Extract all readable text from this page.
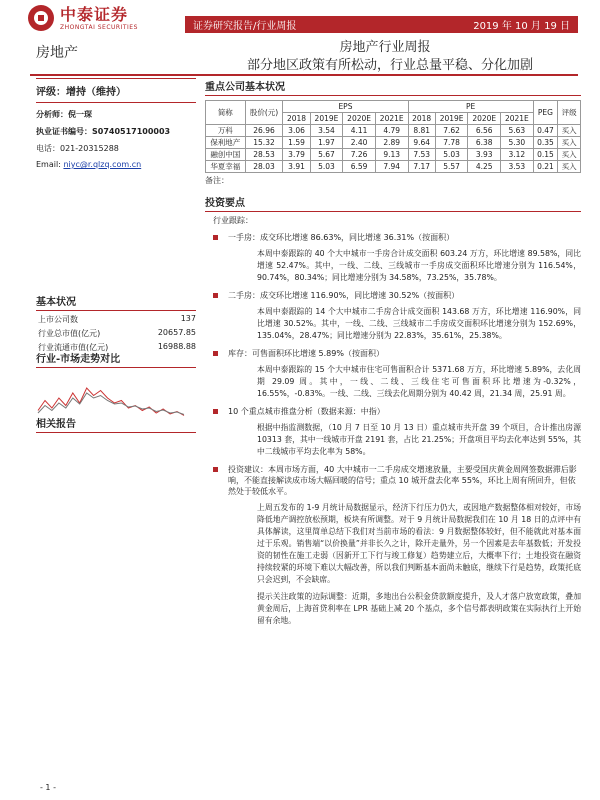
中泰证券
ZHONGTAI SECURITIES	证券研究报告/行业周报	2019 年 10 月 19 日
房地产	房地产行业周报
部分地区政策有所松动，行业总量平稳、分化加剧
评级：增持（维持）
分析师：倪一琛
执业证书编号：S0740517100003
电话：021-20315288
Email: niyc@r.qlzq.com.cn
基本状况
上市公司数	137
行业总市值(亿元)	20657.85
行业流通市值(亿元)	16988.88
行业-市场走势对比
相关报告
重点公司基本状况
简称	股价(元)	EPS				PE				PEG	评级
		2018	2019E	2020E	2021E	2018	2019E	2020E	2021E		
万科	26.96	3.06	3.54	4.11	4.79	8.81	7.62	6.56	5.63	0.47	买入
保利地产	15.32	1.59	1.97	2.40	2.89	9.64	7.78	6.38	5.30	0.35	买入
融创中国	28.53	3.79	5.67	7.26	9.13	7.53	5.03	3.93	3.12	0.15	买入
华夏幸福	28.03	3.91	5.03	6.59	7.94	7.17	5.57	4.25	3.53	0.21	买入
备注：
投资要点
行业跟踪：
一手房：成交环比增速 86.63%，同比增速 36.31%（按面积）
本周中泰跟踪的 40 个大中城市一手房合计成交面积 603.24 万方，环比增速 89.58%，同比增速 52.47%。其中，一线、二线、三线城市一手房成交面积环比增速分别为 116.54%，90.74%，80.34%；同比增速分别为 34.58%，73.25%，35.78%。
二手房：成交环比增速 116.90%，同比增速 30.52%（按面积）
本周中泰跟踪的 14 个大中城市二手房合计成交面积 143.68 万方，环比增速 116.90%，同比增速 30.52%。其中，一线、二线、三线城市二手房成交面积环比增速分别为 152.69%，135.04%，28.47%；同比增速分别为 22.83%，35.61%，25.38%。
库存：可售面积环比增速 5.89%（按面积）
本周中泰跟踪的 15 个大中城市住宅可售面积合计 5371.68 万方，环比增速 5.89%，去化周期 29.09 周。其中，一线、二线、三线住宅可售面积环比增速为-0.32%，16.55%，-0.83%。一线、二线、三线去化周期分别为 40.42 周，21.34 周，25.91 周。
10 个重点城市推盘分析（数据来源：中指）
根据中指监测数据，（10 月 7 日至 10 月 13 日）重点城市共开盘 39 个项目，合计推出房源 10313 套，其中一线城市开盘 2191 套，占比 21.25%；开盘项目平均去化率达到 55%，其中二线城市平均去化率为 58%。
投资建议：本周市场方面，40 大中城市一二手房成交增速放量，主要受国庆黄金周网签数据滞后影响，不能直接解读成市场大幅回暖的信号；重点 10 城开盘去化率 55%，环比上周有所回升，但依然处于较低水平。
上周五发布的 1-9 月统计局数据显示，经济下行压力仍大，或因地产数据整体相对较好，市场降低地产调控放松预期，板块有所调整。对于 9 月统计局数据我们在 10 月 18 日的点评中有具体解读，这里简单总结下我们对当前市场的看法：9 月数据整体较好，但不能就此对基本面过于乐观。销售端“以价换量”并非长久之计，除开走量外，另一个因素是去年基数低；开发投资的韧性在施工走弱（因新开工下行与竣工修复）趋势建立后，大概率下行；土地投资在融资持续较紧的环境下难以大幅改善，所以我们判断基本面尚未触底，继续下行是趋势，政策托底只会迟到，不会缺席。
提示关注政策的边际调整：近期，多地出台公积金贷款额度提升，及人才落户放宽政策，叠加黄金周后，上海首贷利率在 LPR 基础上减 20 个基点，多个信号都表明政策在实际执行上开始留有余地。
- 1 -
